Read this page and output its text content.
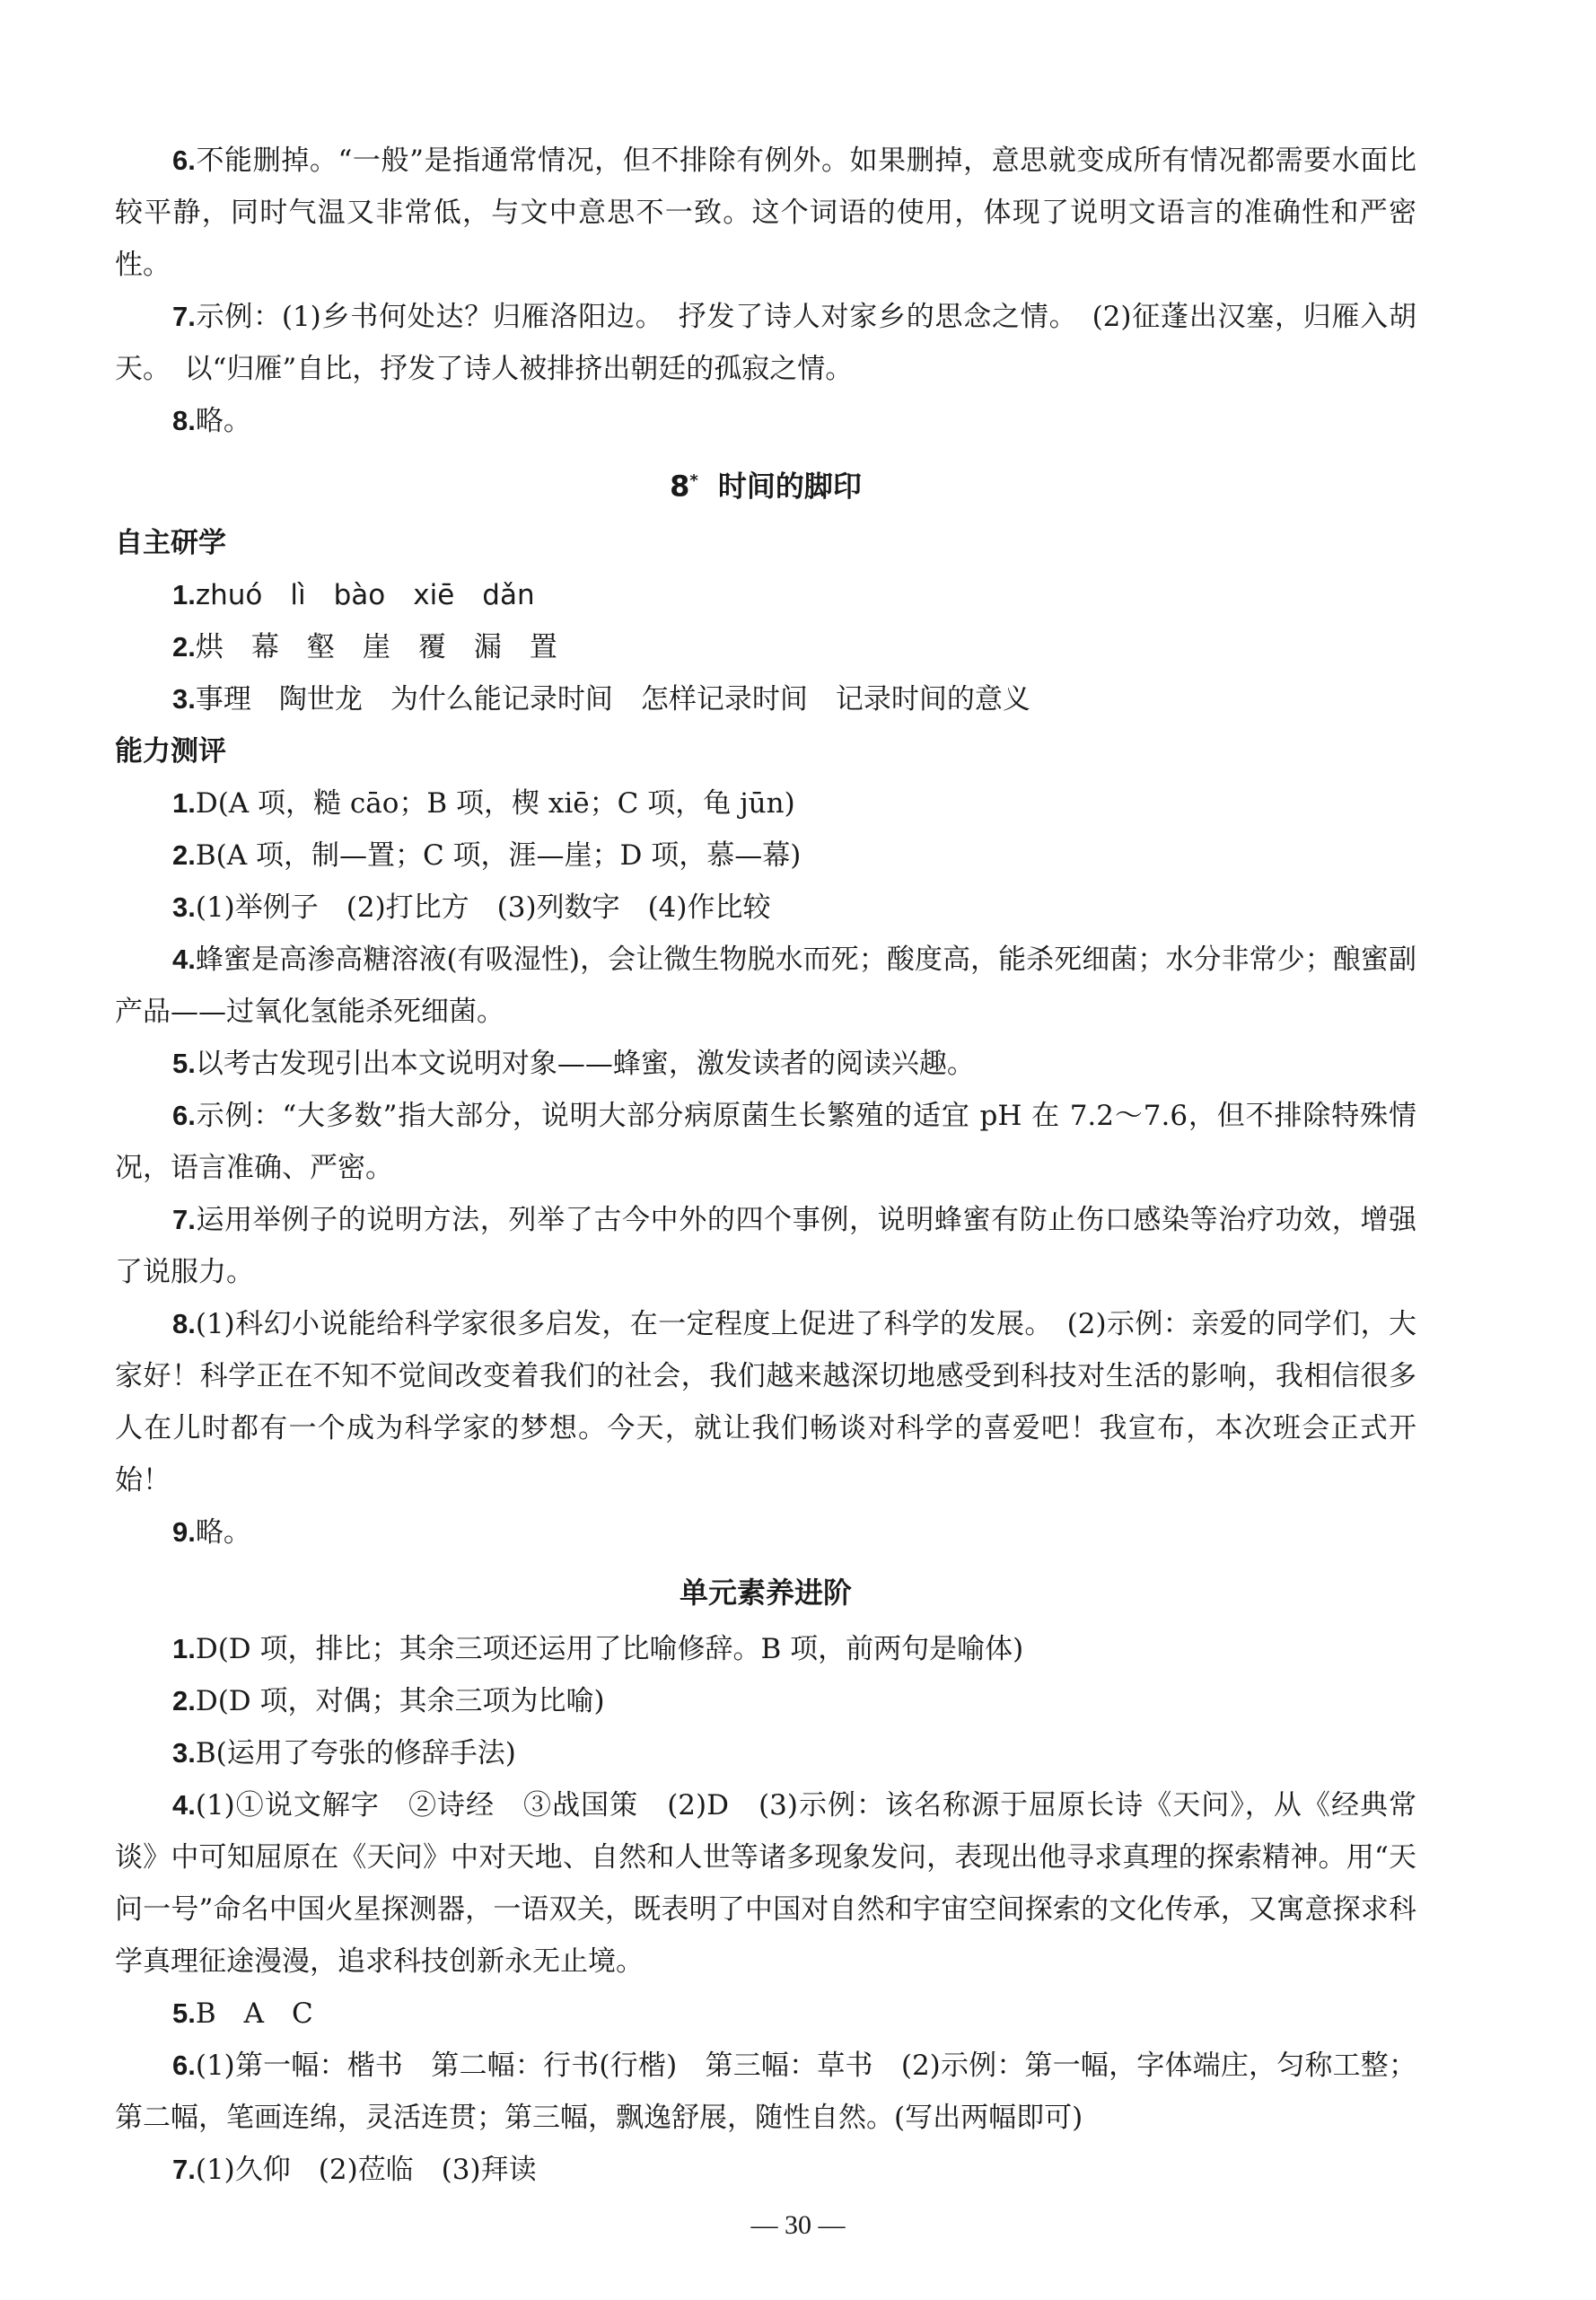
6.不能删掉。“一般”是指通常情况，但不排除有例外。如果删掉，意思就变成所有情况都需要水面比较平静，同时气温又非常低，与文中意思不一致。这个词语的使用，体现了说明文语言的准确性和严密性。

7.示例：(1)乡书何处达？归雁洛阳边。　抒发了诗人对家乡的思念之情。　(2)征蓬出汉塞，归雁入胡天。　以“归雁”自比，抒发了诗人被排挤出朝廷的孤寂之情。

8.略。

8* 时间的脚印

自主研学

1.zhuó　lì　bào　xiē　dǎn

2.烘　幕　壑　崖　覆　漏　置

3.事理　陶世龙　为什么能记录时间　怎样记录时间　记录时间的意义

能力测评

1.D(A 项，糙 cāo；B 项，楔 xiē；C 项，龟 jūn)

2.B(A 项，制—置；C 项，涯—崖；D 项，慕—幕)

3.(1)举例子　(2)打比方　(3)列数字　(4)作比较

4.蜂蜜是高渗高糖溶液(有吸湿性)，会让微生物脱水而死；酸度高，能杀死细菌；水分非常少；酿蜜副产品——过氧化氢能杀死细菌。

5.以考古发现引出本文说明对象——蜂蜜，激发读者的阅读兴趣。

6.示例：“大多数”指大部分，说明大部分病原菌生长繁殖的适宜 pH 在 7.2～7.6，但不排除特殊情况，语言准确、严密。

7.运用举例子的说明方法，列举了古今中外的四个事例，说明蜂蜜有防止伤口感染等治疗功效，增强了说服力。

8.(1)科幻小说能给科学家很多启发，在一定程度上促进了科学的发展。　(2)示例：亲爱的同学们，大家好！科学正在不知不觉间改变着我们的社会，我们越来越深切地感受到科技对生活的影响，我相信很多人在儿时都有一个成为科学家的梦想。今天，就让我们畅谈对科学的喜爱吧！我宣布，本次班会正式开始！

9.略。

单元素养进阶

1.D(D 项，排比；其余三项还运用了比喻修辞。B 项，前两句是喻体)

2.D(D 项，对偶；其余三项为比喻)

3.B(运用了夸张的修辞手法)

4.(1)①说文解字　②诗经　③战国策　(2)D　(3)示例：该名称源于屈原长诗《天问》，从《经典常谈》中可知屈原在《天问》中对天地、自然和人世等诸多现象发问，表现出他寻求真理的探索精神。用“天问一号”命名中国火星探测器，一语双关，既表明了中国对自然和宇宙空间探索的文化传承，又寓意探求科学真理征途漫漫，追求科技创新永无止境。

5.B　A　C

6.(1)第一幅：楷书　第二幅：行书(行楷)　第三幅：草书　(2)示例：第一幅，字体端庄，匀称工整；第二幅，笔画连绵，灵活连贯；第三幅，飘逸舒展，随性自然。(写出两幅即可)

7.(1)久仰　(2)莅临　(3)拜读

— 30 —
